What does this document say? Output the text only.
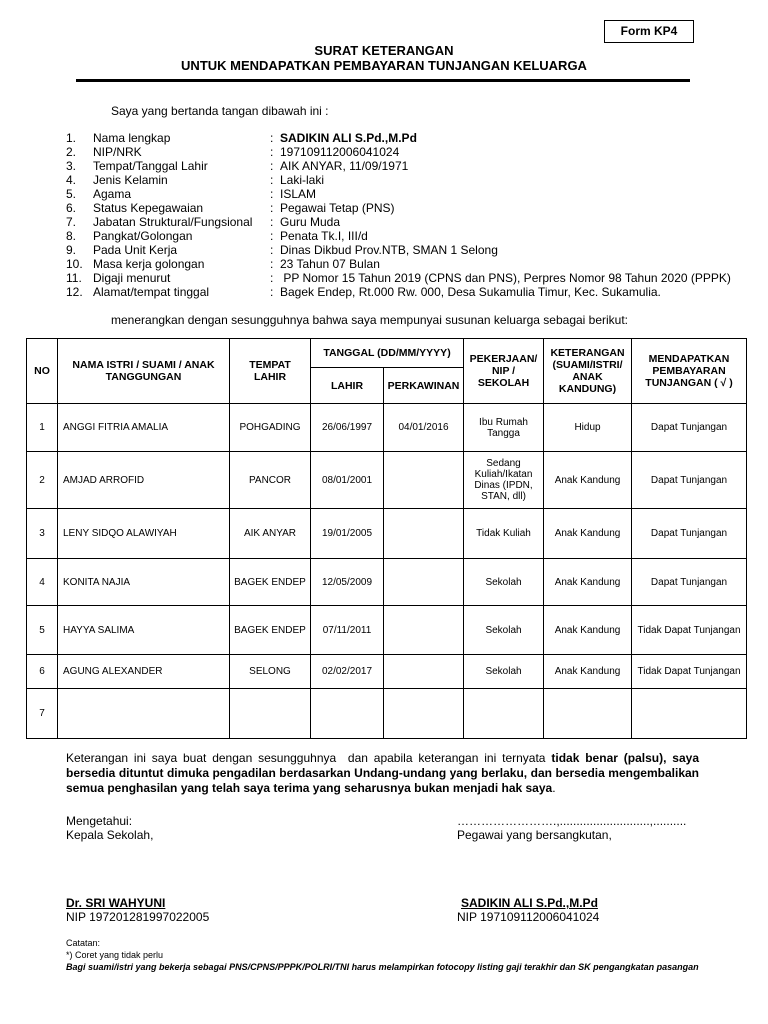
Form KP4
SURAT KETERANGAN
UNTUK MENDAPATKAN PEMBAYARAN TUNJANGAN KELUARGA
Saya yang bertanda tangan dibawah ini :
1.	Nama lengkap	: SADIKIN ALI S.Pd.,M.Pd
2.	NIP/NRK	: 197109112006041024
3.	Tempat/Tanggal Lahir	: AIK ANYAR, 11/09/1971
4.	Jenis Kelamin	: Laki-laki
5.	Agama	: ISLAM
6.	Status Kepegawaian	: Pegawai Tetap (PNS)
7.	Jabatan Struktural/Fungsional	: Guru Muda
8.	Pangkat/Golongan	: Penata Tk.I, III/d
9.	Pada Unit Kerja	: Dinas Dikbud Prov.NTB, SMAN 1 Selong
10. Masa kerja golongan	: 23 Tahun 07 Bulan
11. Digaji menurut	: PP Nomor 15 Tahun 2019 (CPNS dan PNS), Perpres Nomor 98 Tahun 2020 (PPPK)
12. Alamat/tempat tinggal	: Bagek Endep, Rt.000 Rw. 000, Desa Sukamulia Timur, Kec. Sukamulia.
menerangkan dengan sesungguhnya bahwa saya mempunyai susunan keluarga sebagai berikut:
NO	NAMA ISTRI / SUAMI / ANAK TANGGUNGAN	TEMPAT LAHIR	TANGGAL (DD/MM/YYYY)		PEKERJAAN/ NIP / SEKOLAH	KETERANGAN (SUAMI/ISTRI/ ANAK KANDUNG)	MENDAPATKAN PEMBAYARAN TUNJANGAN ( √ )
			LAHIR	PERKAWINAN			
1	ANGGI FITRIA AMALIA	POHGADING	26/06/1997	04/01/2016	Ibu Rumah Tangga	Hidup	Dapat Tunjangan
2	AMJAD ARROFID	PANCOR	08/01/2001		Sedang Kuliah/Ikatan Dinas (IPDN, STAN, dll)	Anak Kandung	Dapat Tunjangan
3	LENY SIDQO ALAWIYAH	AIK ANYAR	19/01/2005		Tidak Kuliah	Anak Kandung	Dapat Tunjangan
4	KONITA NAJIA	BAGEK ENDEP	12/05/2009		Sekolah	Anak Kandung	Dapat Tunjangan
5	HAYYA SALIMA	BAGEK ENDEP	07/11/2011		Sekolah	Anak Kandung	Tidak Dapat Tunjangan
6	AGUNG ALEXANDER	SELONG	02/02/2017		Sekolah	Anak Kandung	Tidak Dapat Tunjangan
7							
Keterangan ini saya buat dengan sesungguhnya  dan apabila keterangan ini ternyata tidak benar (palsu), saya bersedia dituntut dimuka pengadilan berdasarkan Undang-undang yang berlaku, dan bersedia mengembalikan semua penghasilan yang telah saya terima yang seharusnya bukan menjadi hak saya.
Mengetahui:
Kepala Sekolah,
…………………….,...........................,..........
Pegawai yang bersangkutan,
Dr. SRI WAHYUNI
NIP 197201281997022005
SADIKIN ALI S.Pd.,M.Pd
NIP 197109112006041024
Catatan:
*) Coret yang tidak perlu
Bagi suami/istri yang bekerja sebagai PNS/CPNS/PPPK/POLRI/TNI harus melampirkan fotocopy listing gaji terakhir dan SK pengangkatan pasangan
